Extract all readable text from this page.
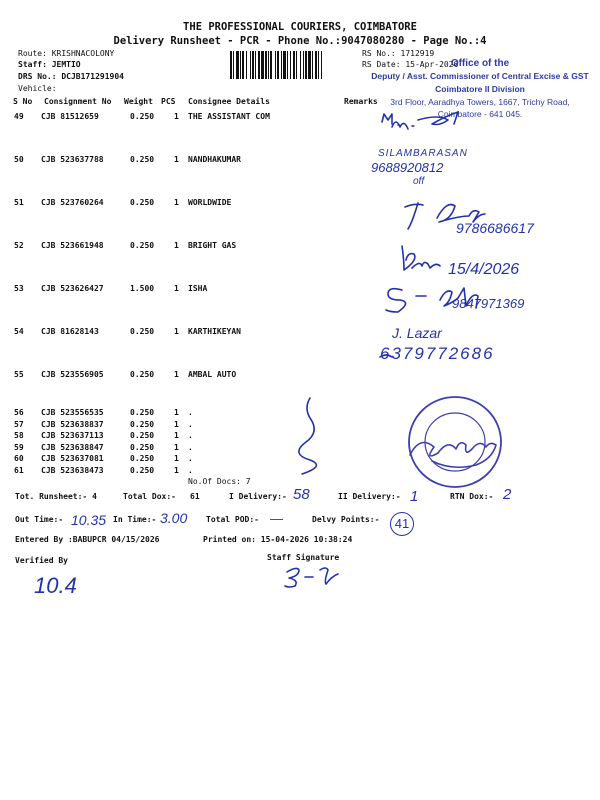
THE PROFESSIONAL COURIERS, COIMBATORE
Delivery Runsheet - PCR - Phone No.:9047080280 - Page No.:4
Route: KRISHNACOLONY
Staff: JEMTIO
DRS No.: DCJB171291904
Vehicle:
RS No.: 1712919
RS Date: 15-Apr-2026
Office of the
Deputy / Asst. Commissioner of Central Excise & GST
Coimbatore II Division
3rd Floor, Aaradhya Towers, 1667, Trichy Road,
Coimbatore - 641 045.
S No Consignment No Weight PCS Consignee Details	Remarks
49 CJB 81512659	0.250 1 THE ASSISTANT COM
50 CJB 523637788	0.250 1 NANDHAKUMAR
51 CJB 523760264	0.250 1 WORLDWIDE
52 CJB 523661948	0.250 1 BRIGHT GAS
53 CJB 523626427	1.500 1 ISHA
54 CJB 81628143	0.250 1 KARTHIKEYAN
55 CJB 523556905	0.250 1 AMBAL AUTO
56 CJB 523556535	0.250 1 .
57 CJB 523638837	0.250 1 .
58 CJB 523637113	0.250 1 .
59 CJB 523638847	0.250 1 .
60 CJB 523637081	0.250 1 .
61 CJB 523638473	0.250 1 .
No.Of Docs: 7
Tot. Runsheet:- 4	Total Dox:- 61	I Delivery:- 58	II Delivery:- 1	RTN Dox:- 2
Out Time:- 10.35 In Time:- 3.00 Total POD:- —	Delvy Points:-	41
Entered By :BABUPCR 04/15/2026	Printed on: 15-04-2026 10:38:24
Verified By	Staff Signature
10.4
SILAMBARASAN
9688920812
off
9786686617
15/4/2026
9847971369
J. Lazar
6379772686
